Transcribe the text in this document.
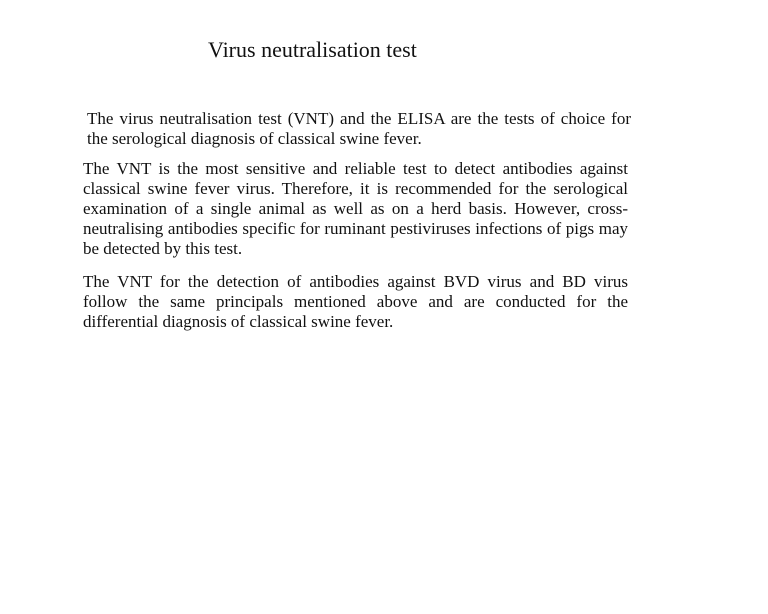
Virus neutralisation test

The virus neutralisation test (VNT) and the ELISA are the tests of choice for the serological diagnosis of classical swine fever.

The VNT is the most sensitive and reliable test to detect antibodies against classical swine fever virus. Therefore, it is recommended for the serological examination of a single animal as well as on a herd basis. However, cross-neutralising antibodies specific for ruminant pestiviruses infections of pigs may be detected by this test.

The VNT for the detection of antibodies against BVD virus and BD virus follow the same principals mentioned above and are conducted for the differential diagnosis of classical swine fever.
